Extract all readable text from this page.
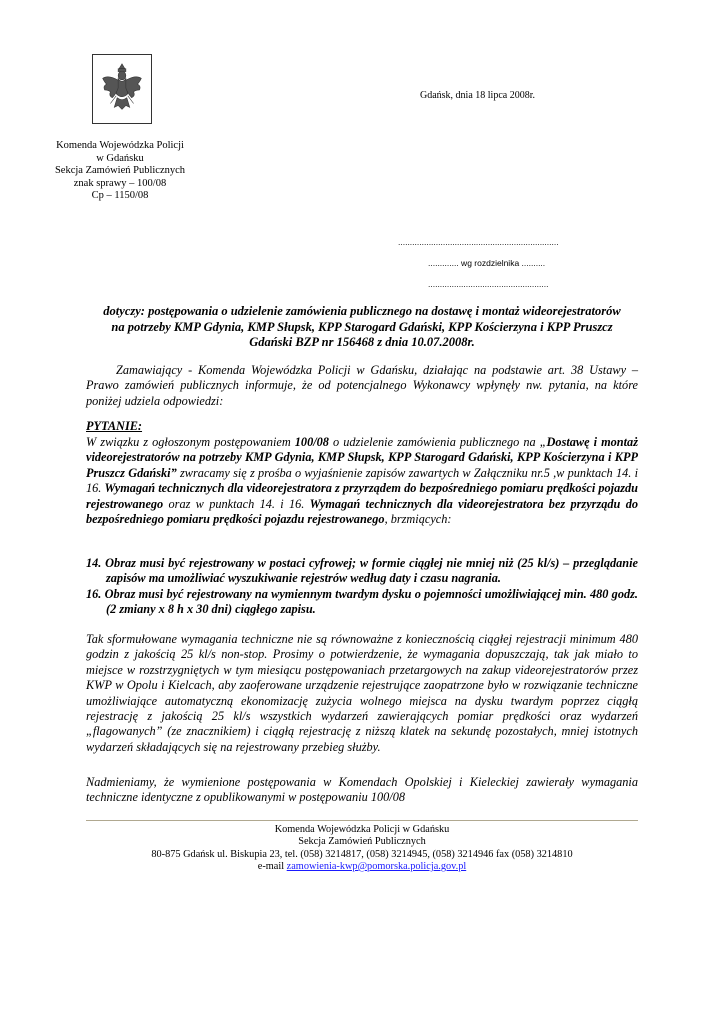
Gdańsk, dnia 18 lipca 2008r.
Komenda Wojewódzka Policji
w Gdańsku
Sekcja Zamówień Publicznych
znak sprawy – 100/08
Cp – 1150/08
....................................................................
............. wg rozdzielnika ..........
...................................................
dotyczy: postępowania o udzielenie zamówienia publicznego na dostawę i montaż wideorejestratorów na potrzeby KMP Gdynia, KMP Słupsk, KPP Starogard Gdański, KPP Kościerzyna i KPP Pruszcz Gdański BZP nr 156468 z dnia 10.07.2008r.
Zamawiający - Komenda Wojewódzka Policji w Gdańsku, działając na podstawie art. 38 Ustawy – Prawo zamówień publicznych informuje, że od potencjalnego Wykonawcy wpłynęły nw. pytania, na które poniżej udziela odpowiedzi:
PYTANIE:
W związku z ogłoszonym postępowaniem 100/08 o udzielenie zamówienia publicznego na „Dostawę i montaż videorejestratorów na potrzeby KMP Gdynia, KMP Słupsk, KPP Starogard Gdański, KPP Kościerzyna i KPP Pruszcz Gdański” zwracamy się z prośba o wyjaśnienie zapisów zawartych w Załączniku nr.5 ,w punktach 14. i 16. Wymagań technicznych dla videorejestratora z przyrządem do bezpośredniego pomiaru prędkości pojazdu rejestrowanego oraz w punktach 14. i 16. Wymagań technicznych dla videorejestratora bez przyrządu do bezpośredniego pomiaru prędkości pojazdu rejestrowanego, brzmiących:
14. Obraz musi być rejestrowany w postaci cyfrowej; w formie ciągłej nie mniej niż (25 kl/s) – przeglądanie zapisów ma umożliwiać wyszukiwanie rejestrów według daty i czasu nagrania.
16. Obraz musi być rejestrowany na wymiennym twardym dysku o pojemności umożliwiającej min. 480 godz. (2 zmiany x 8 h x 30 dni) ciągłego zapisu.
Tak sformułowane wymagania techniczne nie są równoważne z koniecznością ciągłej rejestracji minimum 480 godzin z jakością 25 kl/s non-stop. Prosimy o potwierdzenie, że wymagania dopuszczają, tak jak miało to miejsce w rozstrzygniętych w tym miesiącu postępowaniach przetargowych na zakup videorejestratorów przez KWP w Opolu i Kielcach, aby zaoferowane urządzenie rejestrujące zaopatrzone było w rozwiązanie techniczne umożliwiające automatyczną ekonomizację zużycia wolnego miejsca na dysku twardym poprzez ciągłą rejestrację z jakością 25 kl/s wszystkich wydarzeń zawierających pomiar prędkości oraz wydarzeń „flagowanych” (ze znacznikiem) i ciągłą rejestrację z niższą klatek na sekundę pozostałych, mniej istotnych wydarzeń składających się na rejestrowany przebieg służby.
Nadmieniamy, że wymienione postępowania w Komendach Opolskiej i Kieleckiej zawierały wymagania techniczne identyczne z opublikowanymi w postępowaniu 100/08
Komenda Wojewódzka Policji w Gdańsku
Sekcja Zamówień Publicznych
80-875 Gdańsk ul. Biskupia 23, tel. (058) 3214817, (058) 3214945, (058) 3214946 fax (058) 3214810
e-mail zamowienia-kwp@pomorska.policja.gov.pl
